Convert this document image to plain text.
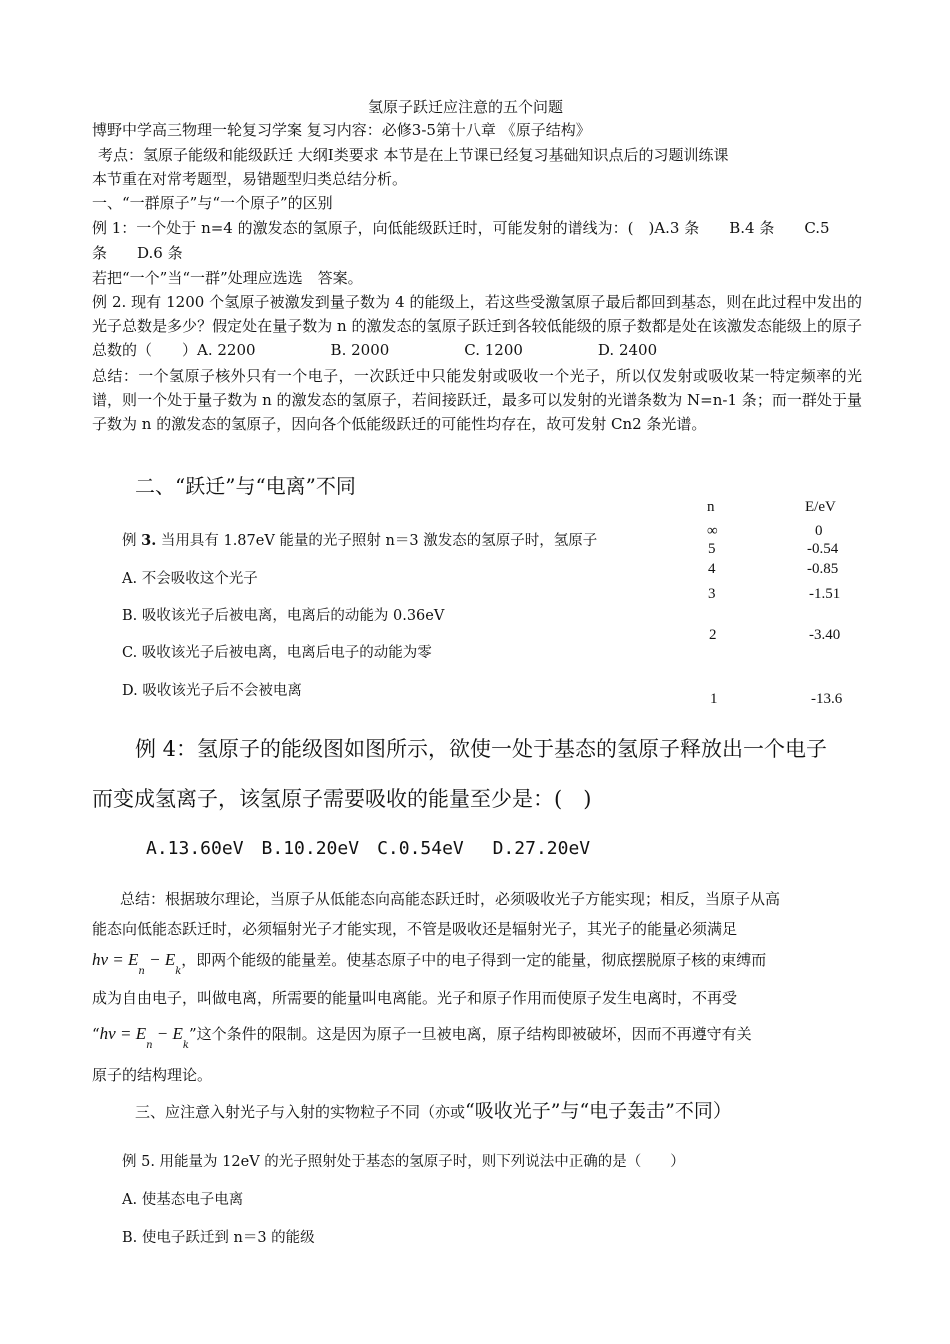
氢原子跃迁应注意的五个问题
博野中学高三物理一轮复习学案 复习内容：必修3-5第十八章 《原子结构》
考点：氢原子能级和能级跃迁 大纲Ⅰ类要求 本节是在上节课已经复习基础知识点后的习题训练课
本节重在对常考题型，易错题型归类总结分析。
一、“一群原子”与“一个原子”的区别
例 1：一个处于 n=4 的激发态的氢原子，向低能级跃迁时，可能发射的谱线为：(　)A.3 条　　B.4 条　　C.5
条　　D.6 条
若把“一个”当“一群”处理应选选　答案。
例 2. 现有 1200 个氢原子被激发到量子数为 4 的能级上，若这些受激氢原子最后都回到基态，则在此过程中发出的光子总数是多少？假定处在量子数为 n 的激发态的氢原子跃迁到各较低能级的原子数都是处在该激发态能级上的原子总数的（　　）A. 2200　　　　　B. 2000　　　　　C. 1200　　　　　D. 2400
总结：一个氢原子核外只有一个电子，一次跃迁中只能发射或吸收一个光子，所以仅发射或吸收某一特定频率的光谱，则一个处于量子数为 n 的激发态的氢原子，若间接跃迁，最多可以发射的光谱条数为 N=n-1 条；而一群处于量子数为 n 的激发态的氢原子，因向各个低能级跃迁的可能性均存在，故可发射 Cn2 条光谱。
二、“跃迁”与“电离”不同
例 3. 当用具有 1.87eV 能量的光子照射 n＝3 激发态的氢原子时，氢原子
A. 不会吸收这个光子
B. 吸收该光子后被电离，电离后的动能为 0.36eV
C. 吸收该光子后被电离，电离后电子的动能为零
D. 吸收该光子后不会被电离
n	E/eV
∞	0
5	-0.54
4	-0.85
3	-1.51
2	-3.40
1	-13.6
例 4：氢原子的能级图如图所示，欲使一处于基态的氢原子释放出一个电子
而变成氢离子，该氢原子需要吸收的能量至少是：(　)
A.13.60eV　B.10.20eV　C.0.54eV　 D.27.20eV
总结：根据玻尔理论，当原子从低能态向高能态跃迁时，必须吸收光子方能实现；相反，当原子从高
能态向低能态跃迁时，必须辐射光子才能实现，不管是吸收还是辐射光子，其光子的能量必须满足
$h\nu = E_n - E_k$，即两个能级的能量差。使基态原子中的电子得到一定的能量，彻底摆脱原子核的束缚而
成为自由电子，叫做电离，所需要的能量叫电离能。光子和原子作用而使原子发生电离时，不再受
“$h\nu = E_n - E_k$”这个条件的限制。这是因为原子一旦被电离，原子结构即被破坏，因而不再遵守有关
原子的结构理论。
三、应注意入射光子与入射的实物粒子不同（亦或“吸收光子”与“电子轰击”不同）
例 5. 用能量为 12eV 的光子照射处于基态的氢原子时，则下列说法中正确的是（　　）
A. 使基态电子电离
B. 使电子跃迁到 n＝3 的能级
